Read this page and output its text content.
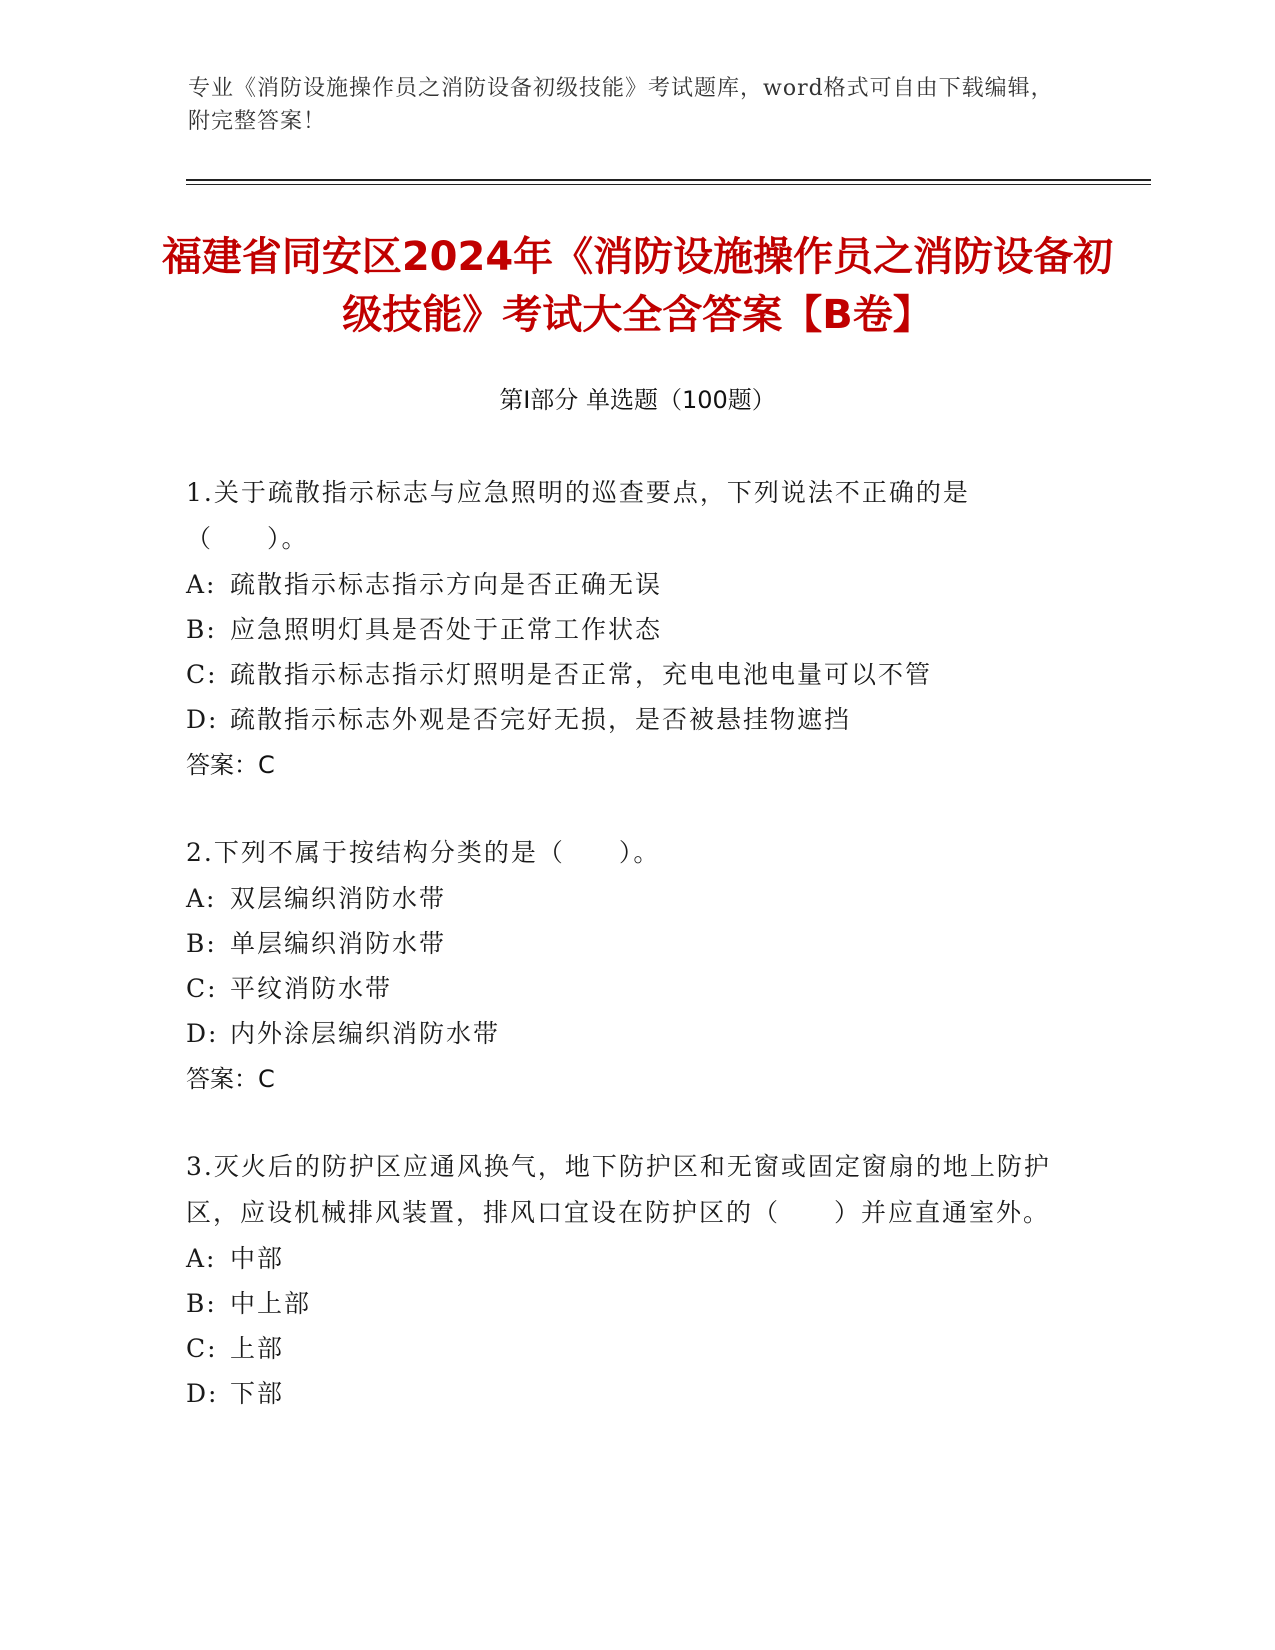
专业《消防设施操作员之消防设备初级技能》考试题库，word格式可自由下载编辑，附完整答案！
福建省同安区2024年《消防设施操作员之消防设备初级技能》考试大全含答案【B卷】
第Ⅰ部分 单选题（100题）

1.关于疏散指示标志与应急照明的巡查要点，下列说法不正确的是（　　）。

A: 疏散指示标志指示方向是否正确无误

B: 应急照明灯具是否处于正常工作状态

C: 疏散指示标志指示灯照明是否正常，充电电池电量可以不管

D: 疏散指示标志外观是否完好无损，是否被悬挂物遮挡

答案：C

2.下列不属于按结构分类的是（　　）。

A: 双层编织消防水带

B: 单层编织消防水带

C: 平纹消防水带

D: 内外涂层编织消防水带

答案：C

3.灭火后的防护区应通风换气，地下防护区和无窗或固定窗扇的地上防护区，应设机械排风装置，排风口宜设在防护区的（　　）并应直通室外。

A: 中部

B: 中上部

C: 上部

D: 下部
